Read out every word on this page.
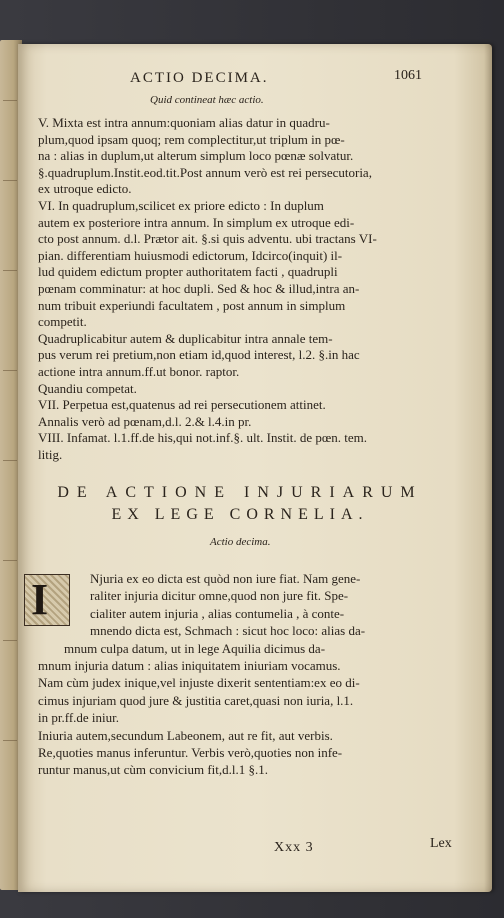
ACTIO DECIMA.	1061
Quid contineat hæc actio.
V. Mixta est intra annum:quoniam alias datur in quadru-
plum,quod ipsam quoq; rem complectitur,ut triplum in pœ-
na : alias in duplum,ut alterum simplum loco pœnæ solvatur.
§.quadruplum.Instit.eod.tit.Post annum verò est rei persecutoria,
ex utroque edicto.
VI. In quadruplum,scilicet ex priore edicto : In duplum
autem ex posteriore intra annum. In simplum ex utroque edi-
cto post annum. d.l. Prætor ait. §.si quis adventu. ubi tractans VI-
pian. differentiam huiusmodi edictorum, Idcirco(inquit) il-
lud quidem edictum propter authoritatem facti , quadrupli
pœnam comminatur: at hoc dupli. Sed & hoc & illud,intra an-
num tribuit experiundi facultatem , post annum in simplum
competit.
Quadruplicabitur autem & duplicabitur intra annale tem-
pus verum rei pretium,non etiam id,quod interest, l.2. §.in hac
actione intra annum.ff.ut bonor. raptor.
Quandiu competat.
VII. Perpetua est,quatenus ad rei persecutionem attinet.
Annalis verò ad pœnam,d.l. 2.& l.4.in pr.
VIII. Infamat. l.1.ff.de his,qui not.inf.§. ult. Instit. de pœn. tem.
litig.
DE ACTIONE INJURIARUM
EX LEGE CORNELIA.
Actio decima.
I	Njuria ex eo dicta est quòd non iure fiat. Nam gene-
raliter injuria dicitur omne,quod non jure fit. Spe-
cialiter autem injuria , alias contumelia , à conte-
mnendo dicta est, Schmach : sicut hoc loco: alias da-
mnum culpa datum, ut in lege Aquilia dicimus da-
mnum injuria datum : alias iniquitatem iniuriam vocamus.
Nam cùm judex inique,vel injuste dixerit sententiam:ex eo di-
cimus injuriam quod jure & justitia caret,quasi non iuria, l.1.
in pr.ff.de iniur.
Iniuria autem,secundum Labeonem, aut re fit, aut verbis.
Re,quoties manus inferuntur. Verbis verò,quoties non infe-
runtur manus,ut cùm convicium fit,d.l.1 §.1.
Xxx 3	Lex
